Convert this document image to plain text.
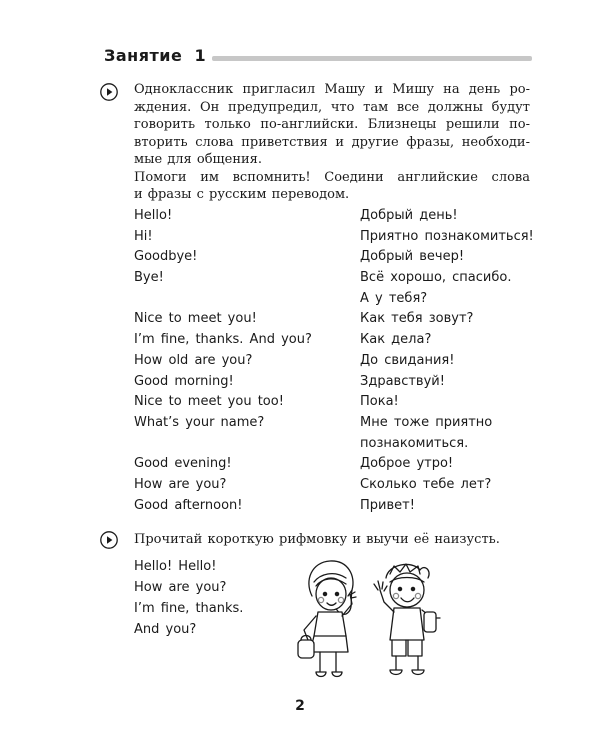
Занятие  1
Одноклассник пригласил Машу и Мишу на день ро-
ждения. Он предупредил, что там все должны будут
говорить только по-английски. Близнецы решили по-
вторить слова приветствия и другие фразы, необходи-
мые для общения.
Помоги им вспомнить! Соедини английские слова
и фразы с русским переводом.
Hello!
Hi!
Goodbye!
Bye!
Nice to meet you!
I’m fine, thanks. And you?
How old are you?
Good morning!
Nice to meet you too!
What’s your name?
Good evening!
How are you?
Good afternoon!
Добрый день!
Приятно познакомиться!
Добрый вечер!
Всё хорошо, спасибо.
А у тебя?
Как тебя зовут?
Как дела?
До свидания!
Здравствуй!
Пока!
Мне тоже приятно
познакомиться.
Доброе утро!
Сколько тебе лет?
Привет!
Прочитай короткую рифмовку и выучи её наизусть.
Hello! Hello!
How are you?
I’m fine, thanks.
And you?
2
